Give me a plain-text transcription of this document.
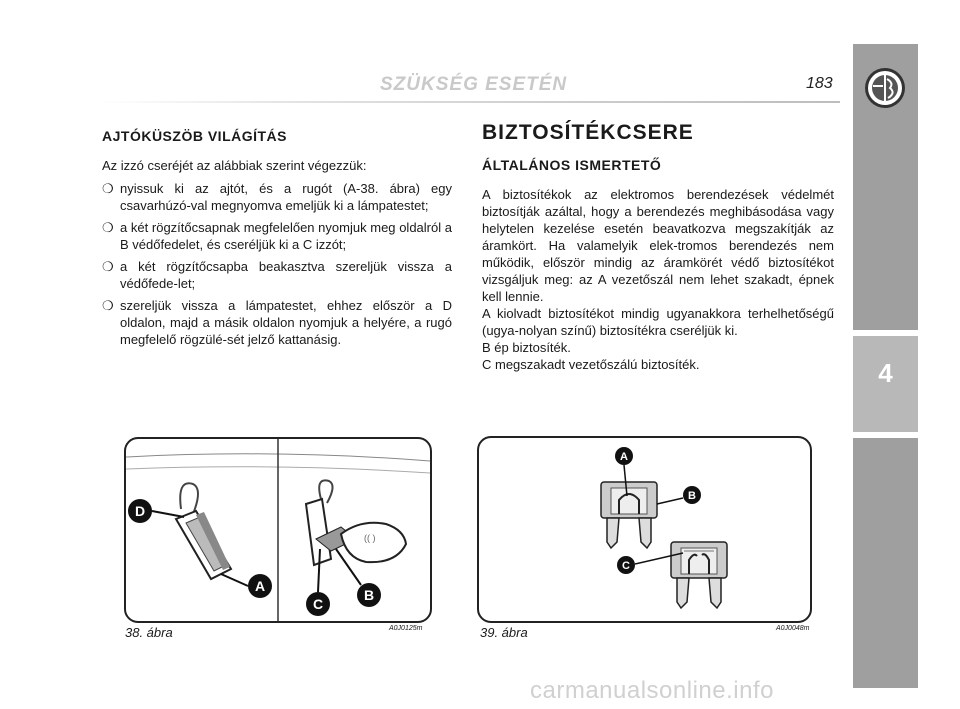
SZÜKSÉG ESETÉN	183
4
AJTÓKÜSZÖB VILÁGÍTÁS

Az izzó cseréjét az alábbiak szerint végezzük:

❍ nyissuk ki az ajtót, és a rugót (A-38. ábra) egy csavarhúzó-val megnyomva emeljük ki a lámpatestet;
❍ a két rögzítőcsapnak megfelelően nyomjuk meg oldalról a B védőfedelet, és cseréljük ki a C izzót;
❍ a két rögzítőcsapba beakasztva szereljük vissza a védőfede-let;
❍ szereljük vissza a lámpatestet, ehhez először a D oldalon, majd a másik oldalon nyomjuk a helyére, a rugó megfelelő rögzülé-sét jelző kattanásig.
BIZTOSÍTÉKCSERE
ÁLTALÁNOS ISMERTETŐ

A biztosítékok az elektromos berendezések védelmét biztosítják azáltal, hogy a berendezés meghibásodása vagy helytelen kezelése esetén beavatkozva megszakítják az áramkört. Ha valamelyik elek-tromos berendezés nem működik, először mindig az áramkörét védő biztosítékot vizsgáljuk meg: az A vezetőszál nem lehet szakadt, épnek kell lennie.

A kiolvadt biztosítékot mindig ugyanakkora terhelhetőségű (ugya-nolyan színű) biztosítékra cseréljük ki.

B ép biztosíték.

C megszakadt vezetőszálú biztosíték.

(( )
D
A
C
B
38. ábra	A0J0125m
A
B
C
39. ábra	A0J0048m
carmanualsonline.info
